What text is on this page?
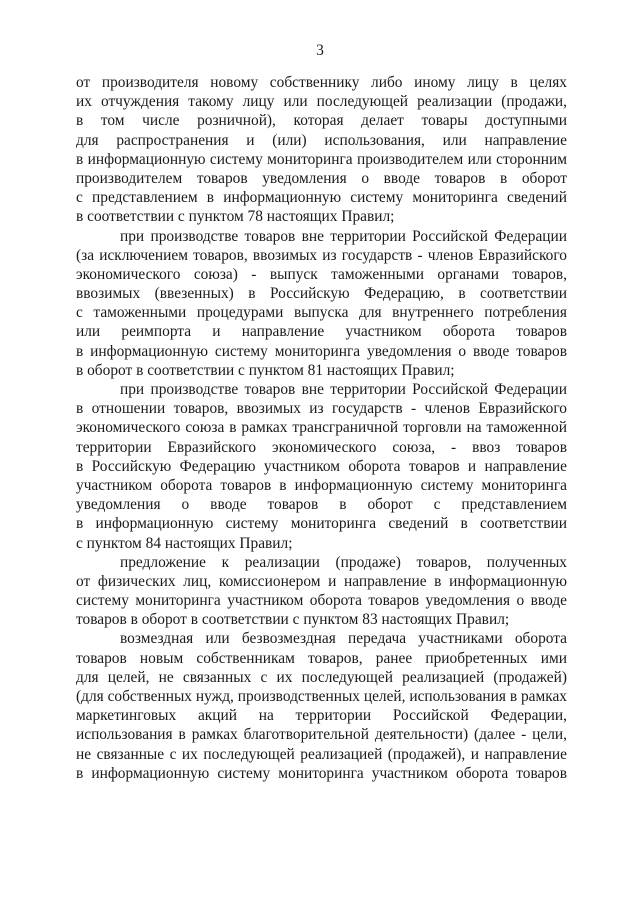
3
от производителя новому собственнику либо иному лицу в целях
их отчуждения такому лицу или последующей реализации (продажи,
в том числе розничной), которая делает товары доступными
для распространения и (или) использования, или направление
в информационную систему мониторинга производителем или сторонним
производителем товаров уведомления о вводе товаров в оборот
с представлением в информационную систему мониторинга сведений
в соответствии с пунктом 78 настоящих Правил;
при производстве товаров вне территории Российской Федерации
(за исключением товаров, ввозимых из государств - членов Евразийского
экономического союза) - выпуск таможенными органами товаров,
ввозимых (ввезенных) в Российскую Федерацию, в соответствии
с таможенными процедурами выпуска для внутреннего потребления
или реимпорта и направление участником оборота товаров
в информационную систему мониторинга уведомления о вводе товаров
в оборот в соответствии с пунктом 81 настоящих Правил;
при производстве товаров вне территории Российской Федерации
в отношении товаров, ввозимых из государств - членов Евразийского
экономического союза в рамках трансграничной торговли на таможенной
территории Евразийского экономического союза, - ввоз товаров
в Российскую Федерацию участником оборота товаров и направление
участником оборота товаров в информационную систему мониторинга
уведомления о вводе товаров в оборот с представлением
в информационную систему мониторинга сведений в соответствии
с пунктом 84 настоящих Правил;
предложение к реализации (продаже) товаров, полученных
от физических лиц, комиссионером и направление в информационную
систему мониторинга участником оборота товаров уведомления о вводе
товаров в оборот в соответствии с пунктом 83 настоящих Правил;
возмездная или безвозмездная передача участниками оборота
товаров новым собственникам товаров, ранее приобретенных ими
для целей, не связанных с их последующей реализацией (продажей)
(для собственных нужд, производственных целей, использования в рамках
маркетинговых акций на территории Российской Федерации,
использования в рамках благотворительной деятельности) (далее - цели,
не связанные с их последующей реализацией (продажей), и направление
в информационную систему мониторинга участником оборота товаров
